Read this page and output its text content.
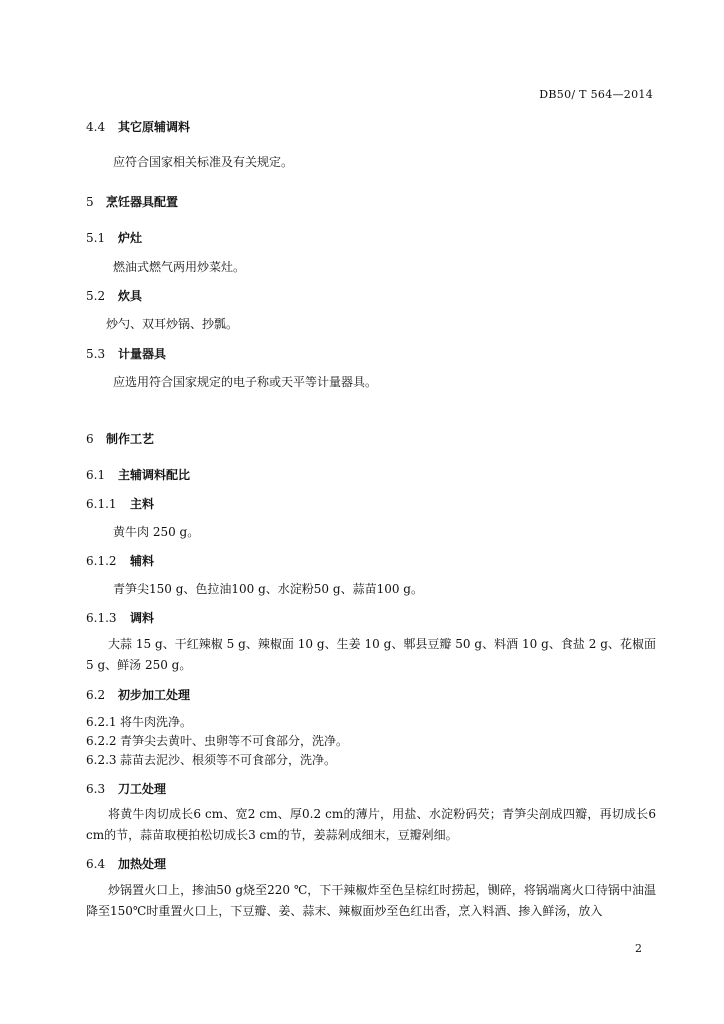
DB50/ T 564—2014
4.4 其它原辅调料
应符合国家相关标准及有关规定。
5 烹饪器具配置
5.1 炉灶
燃油式燃气两用炒菜灶。
5.2 炊具
炒勺、双耳炒锅、抄瓢。
5.3 计量器具
应选用符合国家规定的电子称或天平等计量器具。
6 制作工艺
6.1 主辅调料配比
6.1.1 主料
黄牛肉 250 g。
6.1.2 辅料
青笋尖150 g、色拉油100 g、水淀粉50 g、蒜苗100 g。
6.1.3 调料
大蒜 15 g、干红辣椒 5 g、辣椒面 10 g、生姜 10 g、郫县豆瓣 50 g、料酒 10 g、食盐 2 g、花椒面 5 g、鲜汤 250 g。
6.2 初步加工处理
6.2.1 将牛肉洗净。
6.2.2 青笋尖去黄叶、虫卵等不可食部分，洗净。
6.2.3 蒜苗去泥沙、根须等不可食部分，洗净。
6.3 刀工处理
将黄牛肉切成长6 cm、宽2 cm、厚0.2 cm的薄片，用盐、水淀粉码芡；青笋尖剖成四瓣，再切成长6 cm的节，蒜苗取梗拍松切成长3 cm的节，姜蒜剁成细末，豆瓣剁细。
6.4 加热处理
炒锅置火口上，掺油50 g烧至220 ℃，下干辣椒炸至色呈棕红时捞起，铡碎，将锅端离火口待锅中油温降至150℃时重置火口上，下豆瓣、姜、蒜末、辣椒面炒至色红出香，烹入料酒、掺入鲜汤，放入
2
